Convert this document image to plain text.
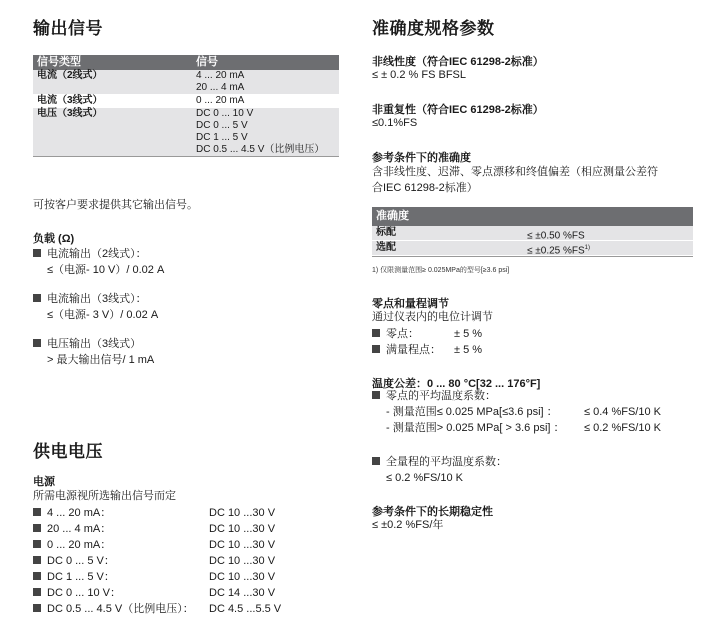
输出信号
信号类型	信号
电流（2线式）	4 ... 20 mA
20 ... 4 mA
电流（3线式）	0 ... 20 mA
电压（3线式）	DC 0 ... 10 V
DC 0 ... 5 V
DC 1 ... 5 V
DC 0.5 ... 4.5 V（比例电压）
可按客户要求提供其它输出信号。
负载 (Ω)
电流输出（2线式）：
≤（电源- 10 V）/ 0.02 A
电流输出（3线式）：
≤（电源- 3 V）/ 0.02 A
电压输出（3线式）
> 最大输出信号/ 1 mA
供电电压
电源
所需电源视所选输出信号而定
4 ... 20 mA：	DC 10 ...30 V
20 ... 4 mA：	DC 10 ...30 V
0 ... 20 mA：	DC 10 ...30 V
DC 0 ... 5 V：	DC 10 ...30 V
DC 1 ... 5 V：	DC 10 ...30 V
DC 0 ... 10 V：	DC 14 ...30 V
DC 0.5 ... 4.5 V（比例电压）： DC 4.5 ...5.5 V
准确度规格参数
非线性度（符合IEC 61298-2标准）
≤ ± 0.2 % FS BFSL
非重复性（符合IEC 61298-2标准）
≤0.1%FS
参考条件下的准确度
含非线性度、迟滞、零点漂移和终值偏差（相应测量公差符
合IEC 61298-2标准）
准确度
标配	≤ ±0.50 %FS
选配	≤ ±0.25 %FS$^{1)}$
1) 仅限测量范围≥ 0.025MPa的型号[≥3.6 psi]
零点和量程调节
通过仪表内的电位计调节
零点：	± 5 %
满量程点： ± 5 %
温度公差：0 ... 80 °C[32 ... 176°F]
零点的平均温度系数：
- 测量范围≤ 0.025 MPa[≤3.6 psi] ： ≤ 0.4 %FS/10 K
- 测量范围> 0.025 MPa[ > 3.6 psi] ： ≤ 0.2 %FS/10 K
全量程的平均温度系数：
≤ 0.2 %FS/10 K
参考条件下的长期稳定性
≤ ±0.2 %FS/年
